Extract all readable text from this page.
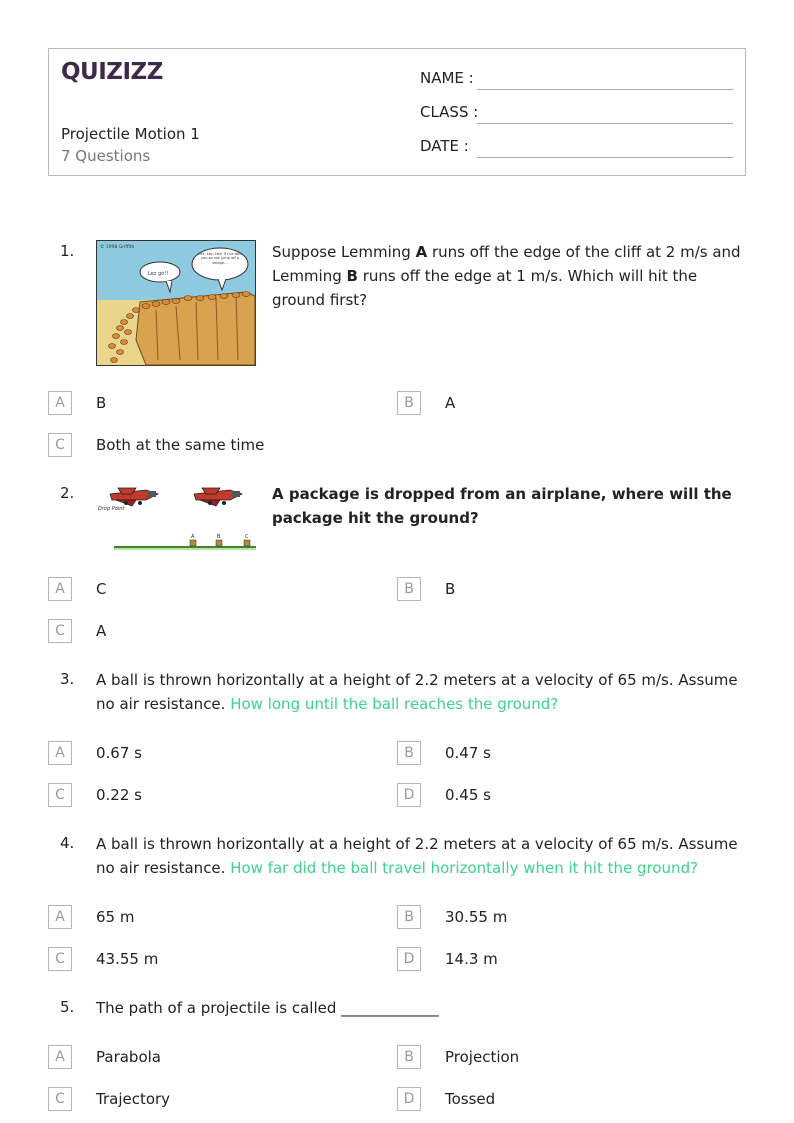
QUIZIZZ
Projectile Motion 1
7 Questions
NAME :
CLASS :
DATE :
1.
Lez go!!
Lez, Lez, Lez! If I've told you so not jump off a bridge...
© 1998 Griffith	Suppose Lemming A runs off the edge of the cliff at 2 m/s and Lemming B runs off the edge at 1 m/s. Which will hit the ground first?
A	B	B	A
C	Both at the same time
2.
Drop Point
A	B	C
A package is dropped from an airplane, where will the package hit the ground?
A	C	B	B
C	A
3. A ball is thrown horizontally at a height of 2.2 meters at a velocity of 65 m/s. Assume no air resistance. How long until the ball reaches the ground?
A	0.67 s	B	0.47 s
C	0.22 s	D	0.45 s
4. A ball is thrown horizontally at a height of 2.2 meters at a velocity of 65 m/s. Assume no air resistance. How far did the ball travel horizontally when it hit the ground?
A	65 m	B	30.55 m
C	43.55 m	D	14.3 m
5. The path of a projectile is called _____________
A	Parabola	B	Projection
C	Trajectory	D	Tossed
